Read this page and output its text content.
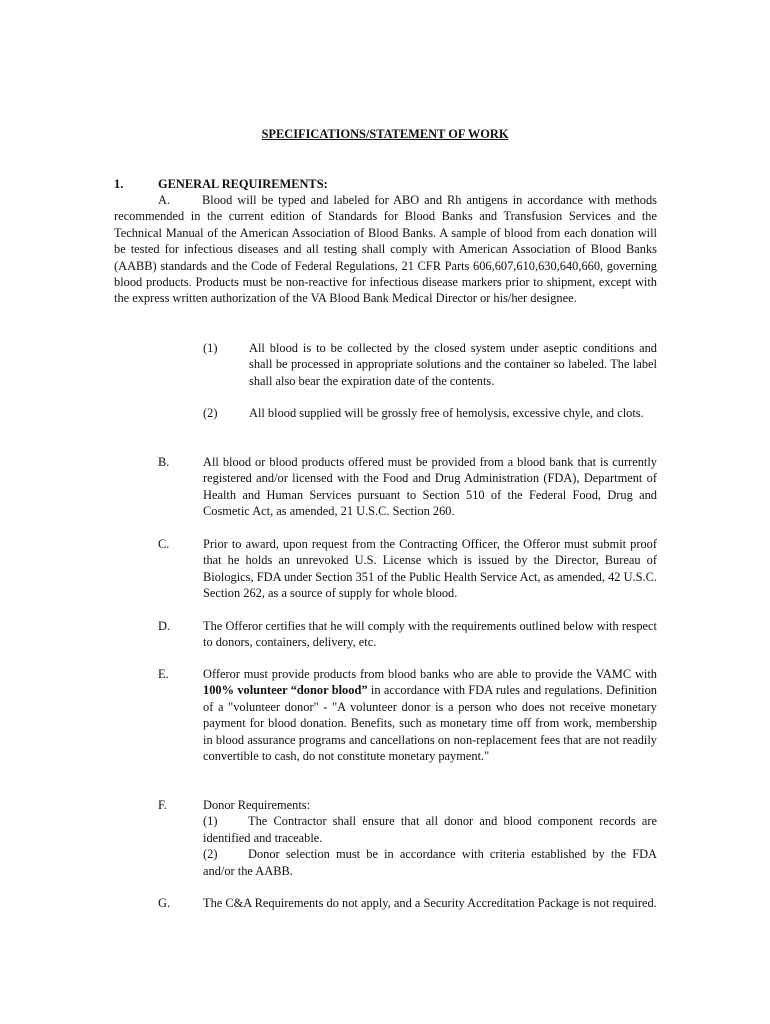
SPECIFICATIONS/STATEMENT OF WORK
1.	GENERAL REQUIREMENTS:
A.	Blood will be typed and labeled for ABO and Rh antigens in accordance with methods recommended in the current edition of Standards for Blood Banks and Transfusion Services and the Technical Manual of the American Association of Blood Banks. A sample of blood from each donation will be tested for infectious diseases and all testing shall comply with American Association of Blood Banks (AABB) standards and the Code of Federal Regulations, 21 CFR Parts 606,607,610,630,640,660, governing blood products. Products must be non-reactive for infectious disease markers prior to shipment, except with the express written authorization of the VA Blood Bank Medical Director or his/her designee.
(1)	All blood is to be collected by the closed system under aseptic conditions and shall be processed in appropriate solutions and the container so labeled. The label shall also bear the expiration date of the contents.
(2)	All blood supplied will be grossly free of hemolysis, excessive chyle, and clots.
B.	All blood or blood products offered must be provided from a blood bank that is currently registered and/or licensed with the Food and Drug Administration (FDA), Department of Health and Human Services pursuant to Section 510 of the Federal Food, Drug and Cosmetic Act, as amended, 21 U.S.C. Section 260.
C.	Prior to award, upon request from the Contracting Officer, the Offeror must submit proof that he holds an unrevoked U.S. License which is issued by the Director, Bureau of Biologics, FDA under Section 351 of the Public Health Service Act, as amended, 42 U.S.C. Section 262, as a source of supply for whole blood.
D.	The Offeror certifies that he will comply with the requirements outlined below with respect to donors, containers, delivery, etc.
E.	Offeror must provide products from blood banks who are able to provide the VAMC with 100% volunteer “donor blood” in accordance with FDA rules and regulations. Definition of a "volunteer donor" - "A volunteer donor is a person who does not receive monetary payment for blood donation. Benefits, such as monetary time off from work, membership in blood assurance programs and cancellations on non-replacement fees that are not readily convertible to cash, do not constitute monetary payment."
F.	Donor Requirements:
(1) The Contractor shall ensure that all donor and blood component records are identified and traceable.
(2) Donor selection must be in accordance with criteria established by the FDA and/or the AABB.
G.	The C&A Requirements do not apply, and a Security Accreditation Package is not required.
